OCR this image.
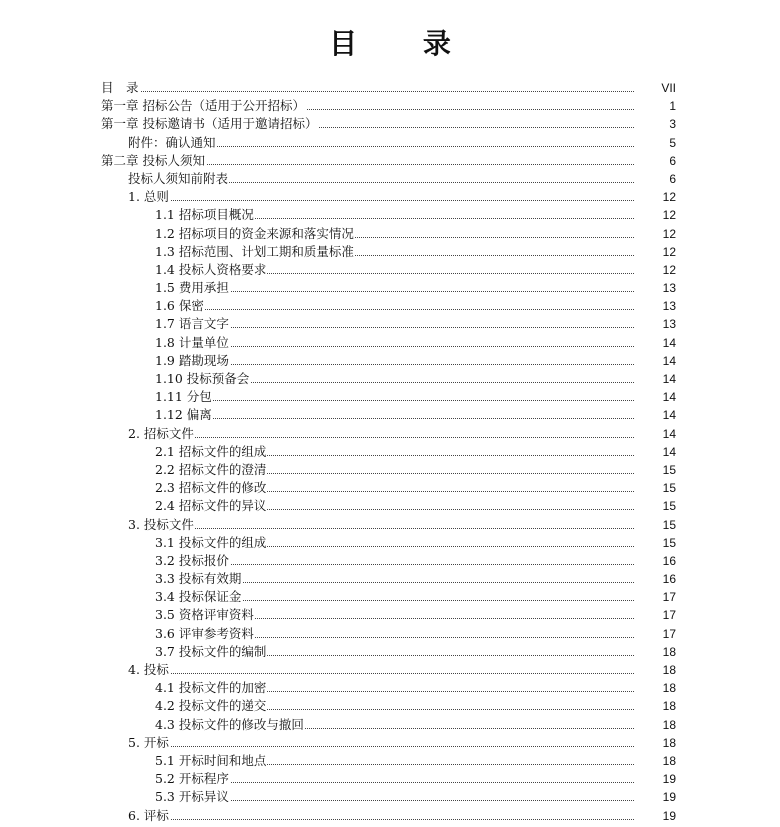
目 录
目　录	VII
第一章 招标公告（适用于公开招标）	1
第一章 投标邀请书（适用于邀请招标）	3
附件：确认通知	5
第二章 投标人须知	6
投标人须知前附表	6
1. 总则	12
1.1 招标项目概况	12
1.2 招标项目的资金来源和落实情况	12
1.3 招标范围、计划工期和质量标准	12
1.4 投标人资格要求	12
1.5 费用承担	13
1.6 保密	13
1.7 语言文字	13
1.8 计量单位	14
1.9 踏勘现场	14
1.10 投标预备会	14
1.11 分包	14
1.12 偏离	14
2. 招标文件	14
2.1 招标文件的组成	14
2.2 招标文件的澄清	15
2.3 招标文件的修改	15
2.4 招标文件的异议	15
3. 投标文件	15
3.1 投标文件的组成	15
3.2 投标报价	16
3.3 投标有效期	16
3.4 投标保证金	17
3.5 资格评审资料	17
3.6 评审参考资料	17
3.7 投标文件的编制	18
4. 投标	18
4.1 投标文件的加密	18
4.2 投标文件的递交	18
4.3 投标文件的修改与撤回	18
5. 开标	18
5.1 开标时间和地点	18
5.2 开标程序	19
5.3 开标异议	19
6. 评标	19
